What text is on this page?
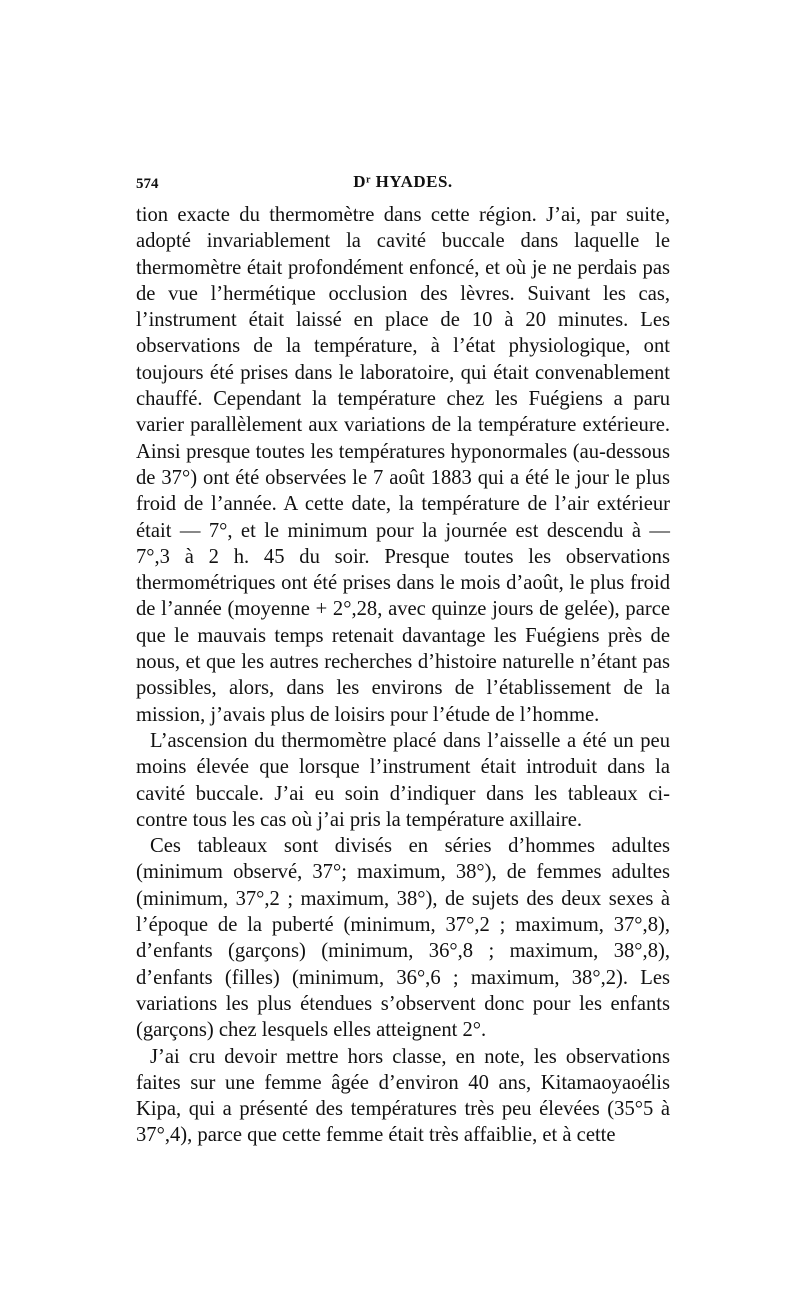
574	Dʳ HYADES.

tion exacte du thermomètre dans cette région. J’ai, par suite, adopté invariablement la cavité buccale dans laquelle le thermomètre était profondément enfoncé, et où je ne perdais pas de vue l’hermétique occlusion des lèvres. Suivant les cas, l’instrument était laissé en place de 10 à 20 minutes. Les observations de la température, à l’état physiologique, ont toujours été prises dans le laboratoire, qui était convenablement chauffé. Cependant la température chez les Fuégiens a paru varier parallèlement aux variations de la température extérieure. Ainsi presque toutes les températures hyponormales (au-dessous de 37°) ont été observées le 7 août 1883 qui a été le jour le plus froid de l’année. A cette date, la température de l’air extérieur était — 7°, et le minimum pour la journée est descendu à — 7°,3 à 2 h. 45 du soir. Presque toutes les observations thermométriques ont été prises dans le mois d’août, le plus froid de l’année (moyenne + 2°,28, avec quinze jours de gelée), parce que le mauvais temps retenait davantage les Fuégiens près de nous, et que les autres recherches d’histoire naturelle n’étant pas possibles, alors, dans les environs de l’établissement de la mission, j’avais plus de loisirs pour l’étude de l’homme.

L’ascension du thermomètre placé dans l’aisselle a été un peu moins élevée que lorsque l’instrument était introduit dans la cavité buccale. J’ai eu soin d’indiquer dans les tableaux ci-contre tous les cas où j’ai pris la température axillaire.

Ces tableaux sont divisés en séries d’hommes adultes (minimum observé, 37°; maximum, 38°), de femmes adultes (minimum, 37°,2 ; maximum, 38°), de sujets des deux sexes à l’époque de la puberté (minimum, 37°,2 ; maximum, 37°,8), d’enfants (garçons) (minimum, 36°,8 ; maximum, 38°,8), d’enfants (filles) (minimum, 36°,6 ; maximum, 38°,2). Les variations les plus étendues s’observent donc pour les enfants (garçons) chez lesquels elles atteignent 2°.

J’ai cru devoir mettre hors classe, en note, les observations faites sur une femme âgée d’environ 40 ans, Kitamaoyaoélis Kipa, qui a présenté des températures très peu élevées (35°5 à 37°,4), parce que cette femme était très affaiblie, et à cette
